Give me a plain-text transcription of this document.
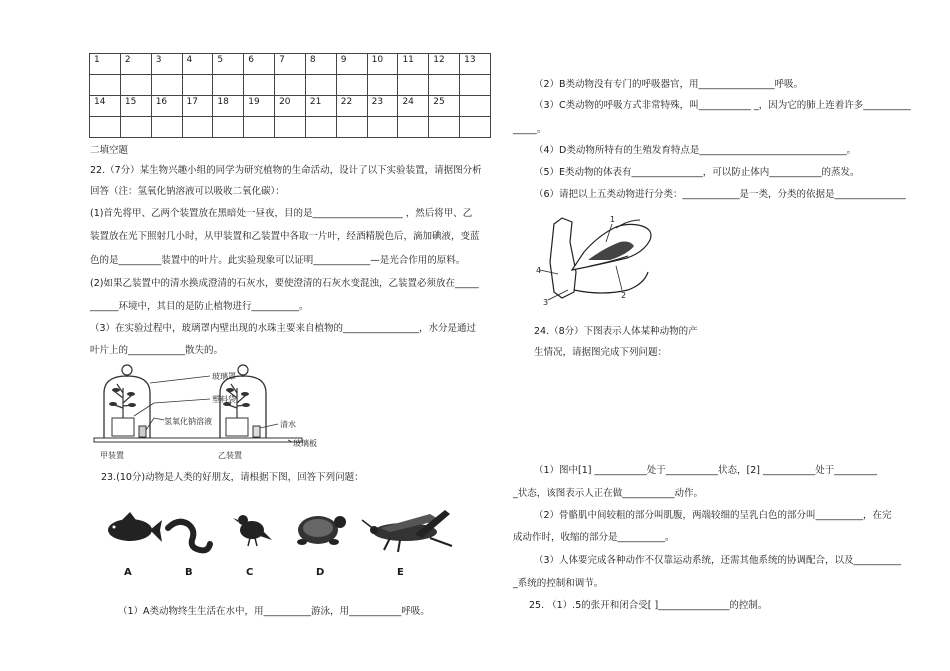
1	2	3	4	5	6	7	8	9	10	11	12	13

14	15	16	17	18	19	20	21	22	23	24	25	

二填空题
22.（7分）某生物兴趣小组的同学为研究植物的生命活动，设计了以下实验装置，请据图分析
回答（注：氢氧化钠溶液可以吸收二氧化碳）：
(1)首先将甲、乙两个装置放在黑暗处一昼夜，目的是___________________ ，然后将甲、乙
装置放在光下照射几小时，从甲装置和乙装置中各取一片叶，经酒精脱色后，滴加碘液，变蓝
色的是_________装置中的叶片。此实验现象可以证明____________—是光合作用的原料。
(2)如果乙装置中的清水换成澄清的石灰水，要使澄清的石灰水变混浊，乙装置必须放在_____
______环境中，其目的是防止植物进行__________。
（3）在实验过程中，玻璃罩内壁出现的水珠主要来自植物的________________，水分是通过
叶片上的____________散失的。
玻璃罩
塑料袋
氢氧化钠溶液	清水
玻璃板
甲装置	乙装置
23.(10分)动物是人类的好朋友，请根据下图，回答下列问题：
A	B	C	D	E
（1）A类动物终生生活在水中，用__________游泳，用___________呼吸。
（2）B类动物没有专门的呼吸器官，用________________呼吸。
（3）C类动物的呼吸方式非常特殊，叫___________ _，因为它的肺上连着许多__________
_____。
（4）D类动物所特有的生殖发育特点是_______________________________。
（5）E类动物的体表有_______________，可以防止体内___________的蒸发。
（6）请把以上五类动物进行分类：____________是一类，分类的依据是_______________
4
3
2
1
24.（8分）下图表示人体某种动物的产
生情况，请据图完成下列问题：
（1）图中[1] ___________处于___________状态，[2] ___________处于_________
_状态，该图表示人正在做___________动作。
（2）骨骼肌中间较粗的部分叫肌腹，两端较细的呈乳白色的部分叫__________，在完
成动作时，收缩的部分是__________。
（3）人体要完成各种动作不仅靠运动系统，还需其他系统的协调配合，以及__________
_系统的控制和调节。
25. （1）.5的张开和闭合受[ ]_______________的控制。
